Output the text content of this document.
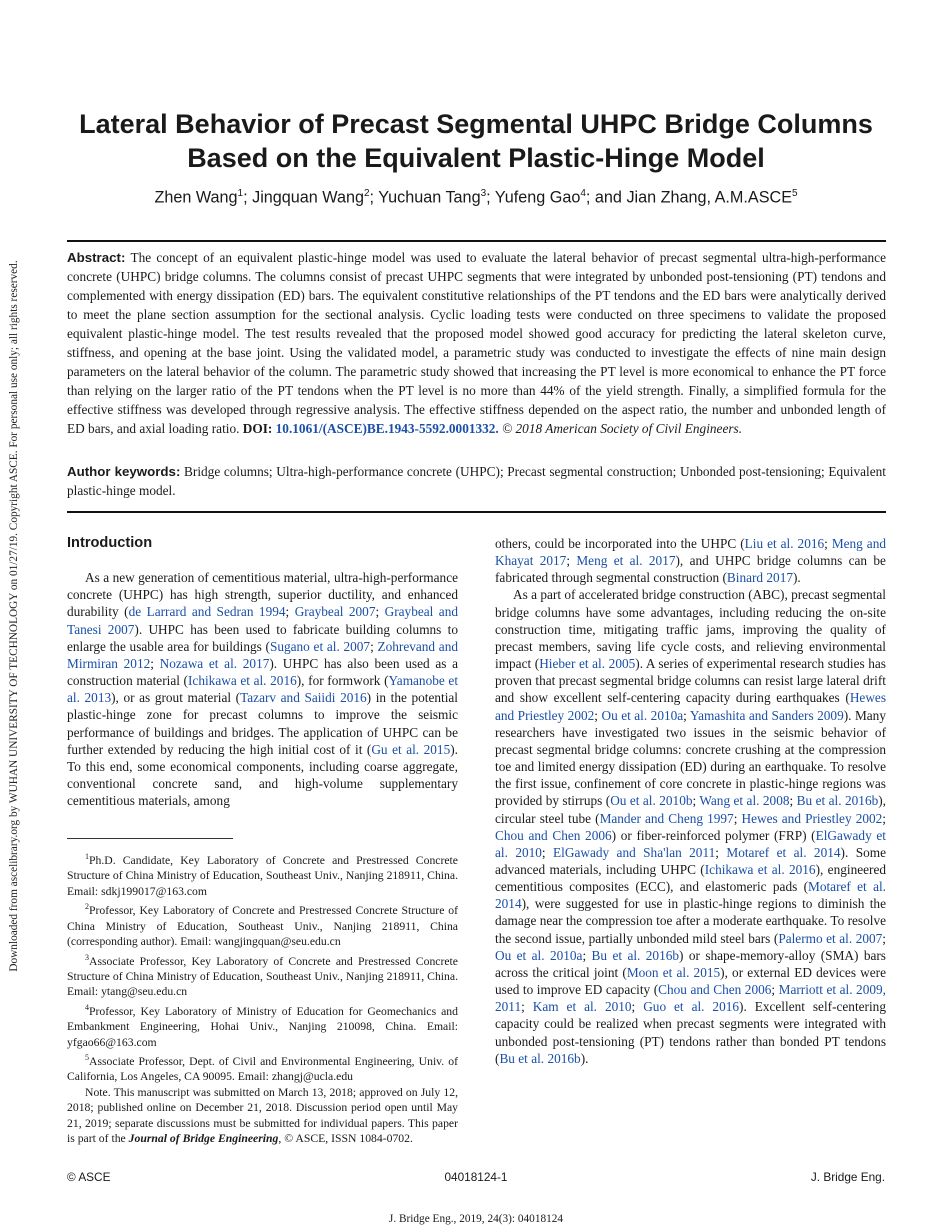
Downloaded from ascelibrary.org by WUHAN UNIVERSITY OF TECHNOLOGY on 01/27/19. Copyright ASCE. For personal use only; all rights reserved.
Lateral Behavior of Precast Segmental UHPC Bridge Columns
Based on the Equivalent Plastic-Hinge Model
Zhen Wang$^1$; Jingquan Wang$^2$; Yuchuan Tang$^3$; Yufeng Gao$^4$; and Jian Zhang, A.M.ASCE$^5$
Abstract: The concept of an equivalent plastic-hinge model was used to evaluate the lateral behavior of precast segmental ultra-high-performance concrete (UHPC) bridge columns. The columns consist of precast UHPC segments that were integrated by unbonded post-tensioning (PT) tendons and complemented with energy dissipation (ED) bars. The equivalent constitutive relationships of the PT tendons and the ED bars were analytically derived to meet the plane section assumption for the sectional analysis. Cyclic loading tests were conducted on three specimens to validate the proposed equivalent plastic-hinge model. The test results revealed that the proposed model showed good accuracy for predicting the lateral skeleton curve, stiffness, and opening at the base joint. Using the validated model, a parametric study was conducted to investigate the effects of nine main design parameters on the lateral behavior of the column. The parametric study showed that increasing the PT level is more economical to enhance the PT force than relying on the larger ratio of the PT tendons when the PT level is no more than 44% of the yield strength. Finally, a simplified formula for the effective stiffness was developed through regressive analysis. The effective stiffness depended on the aspect ratio, the number and unbonded length of ED bars, and axial loading ratio. DOI: 10.1061/(ASCE)BE.1943-5592.0001332. © 2018 American Society of Civil Engineers.
Author keywords: Bridge columns; Ultra-high-performance concrete (UHPC); Precast segmental construction; Unbonded post-tensioning; Equivalent plastic-hinge model.

Introduction

As a new generation of cementitious material, ultra-high-performance concrete (UHPC) has high strength, superior ductility, and enhanced durability (de Larrard and Sedran 1994; Graybeal 2007; Graybeal and Tanesi 2007). UHPC has been used to fabricate building columns to enlarge the usable area for buildings (Sugano et al. 2007; Zohrevand and Mirmiran 2012; Nozawa et al. 2017). UHPC has also been used as a construction material (Ichikawa et al. 2016), for formwork (Yamanobe et al. 2013), or as grout material (Tazarv and Saiidi 2016) in the potential plastic-hinge zone for precast columns to improve the seismic performance of buildings and bridges. The application of UHPC can be further extended by reducing the high initial cost of it (Gu et al. 2015). To this end, some economical components, including coarse aggregate, conventional concrete sand, and high-volume supplementary cementitious materials, among

$^1$Ph.D. Candidate, Key Laboratory of Concrete and Prestressed Concrete Structure of China Ministry of Education, Southeast Univ., Nanjing 218911, China. Email: sdkj199017@163.com

$^2$Professor, Key Laboratory of Concrete and Prestressed Concrete Structure of China Ministry of Education, Southeast Univ., Nanjing 218911, China (corresponding author). Email: wangjingquan@seu.edu.cn

$^3$Associate Professor, Key Laboratory of Concrete and Prestressed Concrete Structure of China Ministry of Education, Southeast Univ., Nanjing 218911, China. Email: ytang@seu.edu.cn

$^4$Professor, Key Laboratory of Ministry of Education for Geomechanics and Embankment Engineering, Hohai Univ., Nanjing 210098, China. Email: yfgao66@163.com

$^5$Associate Professor, Dept. of Civil and Environmental Engineering, Univ. of California, Los Angeles, CA 90095. Email: zhangj@ucla.edu

Note. This manuscript was submitted on March 13, 2018; approved on July 12, 2018; published online on December 21, 2018. Discussion period open until May 21, 2019; separate discussions must be submitted for individual papers. This paper is part of the Journal of Bridge Engineering, © ASCE, ISSN 1084-0702.

others, could be incorporated into the UHPC (Liu et al. 2016; Meng and Khayat 2017; Meng et al. 2017), and UHPC bridge columns can be fabricated through segmental construction (Binard 2017).

As a part of accelerated bridge construction (ABC), precast segmental bridge columns have some advantages, including reducing the on-site construction time, mitigating traffic jams, improving the quality of precast members, saving life cycle costs, and relieving environmental impact (Hieber et al. 2005). A series of experimental research studies has proven that precast segmental bridge columns can resist large lateral drift and show excellent self-centering capacity during earthquakes (Hewes and Priestley 2002; Ou et al. 2010a; Yamashita and Sanders 2009). Many researchers have investigated two issues in the seismic behavior of precast segmental bridge columns: concrete crushing at the compression toe and limited energy dissipation (ED) during an earthquake. To resolve the first issue, confinement of core concrete in plastic-hinge regions was provided by stirrups (Ou et al. 2010b; Wang et al. 2008; Bu et al. 2016b), circular steel tube (Mander and Cheng 1997; Hewes and Priestley 2002; Chou and Chen 2006) or fiber-reinforced polymer (FRP) (ElGawady et al. 2010; ElGawady and Sha'lan 2011; Motaref et al. 2014). Some advanced materials, including UHPC (Ichikawa et al. 2016), engineered cementitious composites (ECC), and elastomeric pads (Motaref et al. 2014), were suggested for use in plastic-hinge regions to diminish the damage near the compression toe after a moderate earthquake. To resolve the second issue, partially unbonded mild steel bars (Palermo et al. 2007; Ou et al. 2010a; Bu et al. 2016b) or shape-memory-alloy (SMA) bars across the critical joint (Moon et al. 2015), or external ED devices were used to improve ED capacity (Chou and Chen 2006; Marriott et al. 2009, 2011; Kam et al. 2010; Guo et al. 2016). Excellent self-centering capacity could be realized when precast segments were integrated with unbonded post-tensioning (PT) tendons rather than bonded PT tendons (Bu et al. 2016b).

© ASCE	04018124-1	J. Bridge Eng.
J. Bridge Eng., 2019, 24(3): 04018124
